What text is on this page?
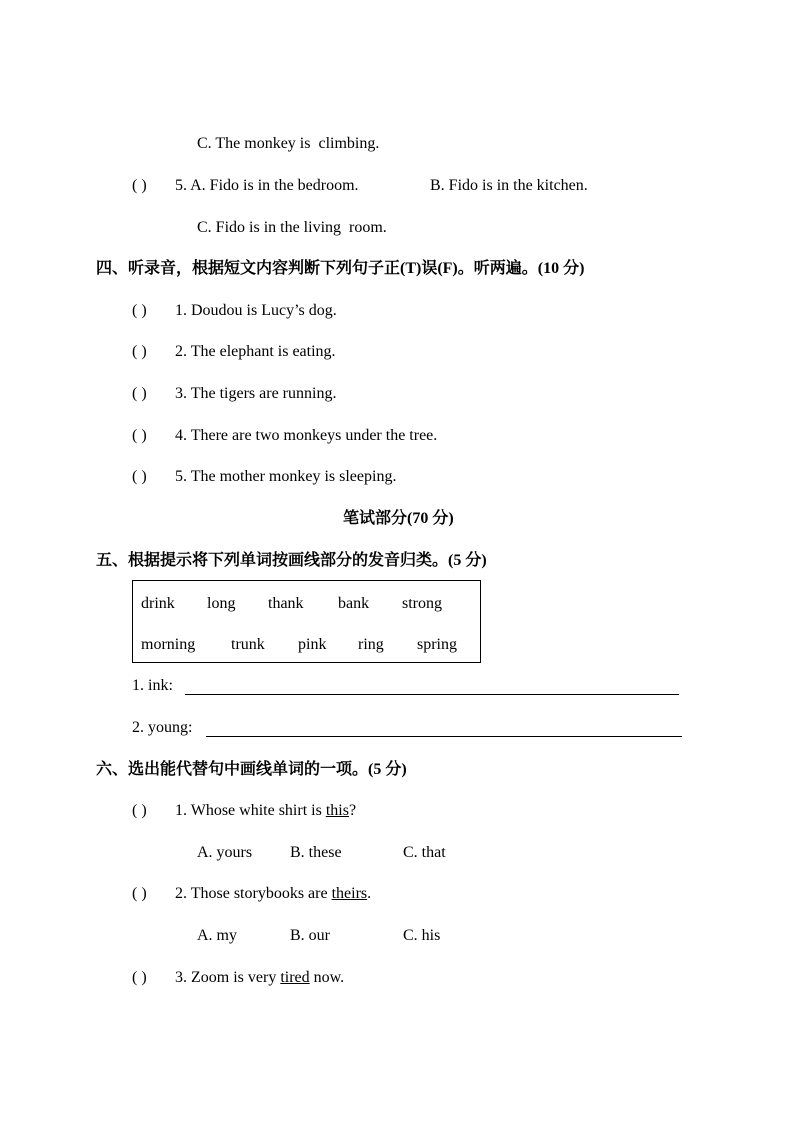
C. The monkey is  climbing.
( ) 5. A. Fido is in the bedroom.	B. Fido is in the kitchen.
C. Fido is in the living  room.
四、听录音，根据短文内容判断下列句子正(T)误(F)。听两遍。(10 分)
( ) 1. Doudou is Lucy’s dog.
( ) 2. The elephant is eating.
( ) 3. The tigers are running.
( ) 4. There are two monkeys under the tree.
( ) 5. The mother monkey is sleeping.
笔试部分(70 分)
五、根据提示将下列单词按画线部分的发音归类。(5 分)
drink long thank bank strong
morning trunk pink ring spring
1. ink:
2. young:
六、选出能代替句中画线单词的一项。(5 分)
( ) 1. Whose white shirt is this?
A. yours B. these	C. that
( ) 2. Those storybooks are theirs.
A. my	B. our	C. his
( ) 3. Zoom is very tired now.
